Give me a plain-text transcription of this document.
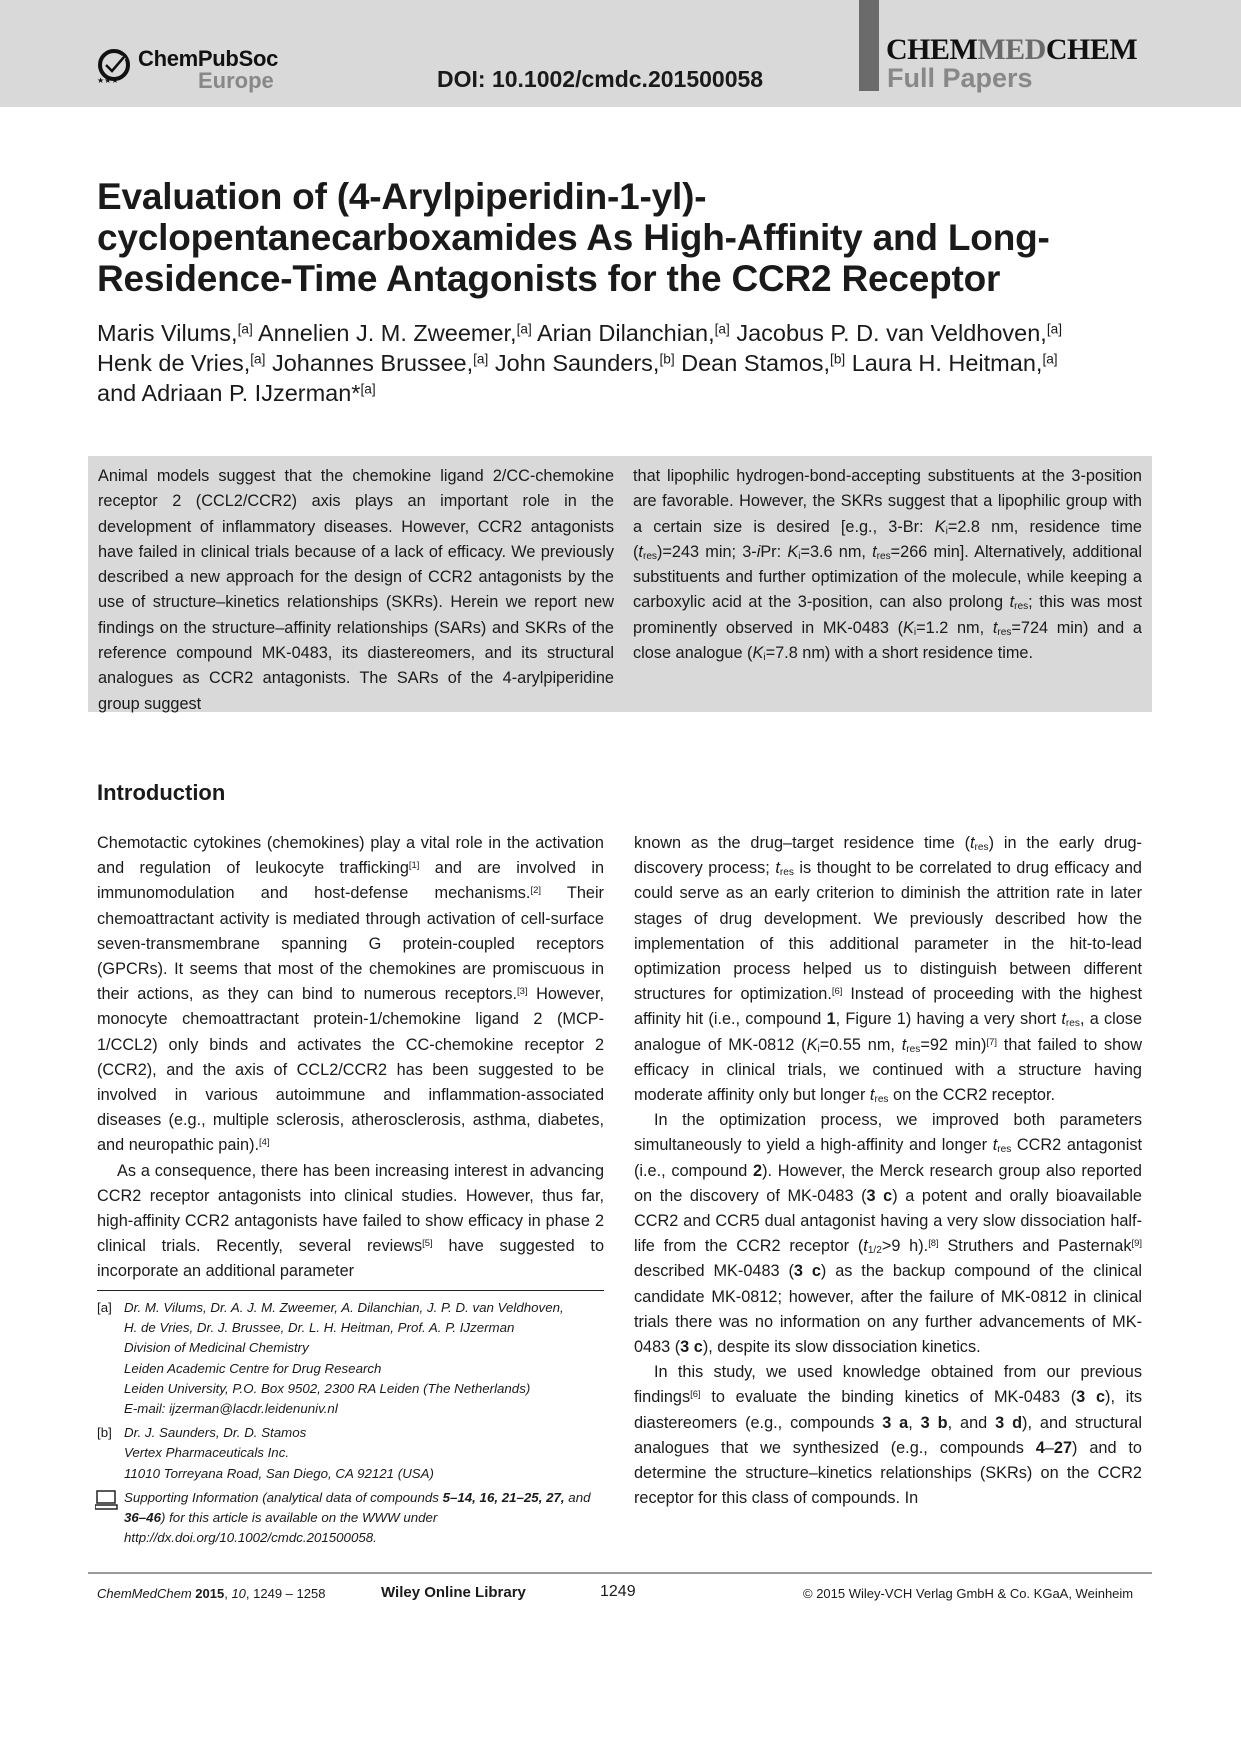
★★★
ChemPubSoc
Europe	DOI: 10.1002/cmdc.201500058
CHEMMEDCHEM
Full Papers
Evaluation of (4-Arylpiperidin-1-yl)-
cyclopentanecarboxamides As High-Affinity and Long-
Residence-Time Antagonists for the CCR2 Receptor
Maris Vilums,[a] Annelien J. M. Zweemer,[a] Arian Dilanchian,[a] Jacobus P. D. van Veldhoven,[a]
Henk de Vries,[a] Johannes Brussee,[a] John Saunders,[b] Dean Stamos,[b] Laura H. Heitman,[a]
and Adriaan P. IJzerman*[a]
Animal models suggest that the chemokine ligand 2/CC-chemokine receptor 2 (CCL2/CCR2) axis plays an important role in the development of inflammatory diseases. However, CCR2 antagonists have failed in clinical trials because of a lack of efficacy. We previously described a new approach for the design of CCR2 antagonists by the use of structure–kinetics relationships (SKRs). Herein we report new findings on the structure–affinity relationships (SARs) and SKRs of the reference compound MK-0483, its diastereomers, and its structural analogues as CCR2 antagonists. The SARs of the 4-arylpiperidine group suggest
that lipophilic hydrogen-bond-accepting substituents at the 3-position are favorable. However, the SKRs suggest that a lipophilic group with a certain size is desired [e.g., 3-Br: $K_i=2.8$ nm, residence time $(t_{res})=243$ min; 3-iPr: $K_i=3.6$ nm, $t_{res}=266$ min]. Alternatively, additional substituents and further optimization of the molecule, while keeping a carboxylic acid at the 3-position, can also prolong $t_{res}$; this was most prominently observed in MK-0483 ($K_i=1.2$ nm, $t_{res}=724$ min) and a close analogue ($K_i=7.8$ nm) with a short residence time.
Introduction

Chemotactic cytokines (chemokines) play a vital role in the activation and regulation of leukocyte trafficking[1] and are involved in immunomodulation and host-defense mechanisms.[2] Their chemoattractant activity is mediated through activation of cell-surface seven-transmembrane spanning G protein-coupled receptors (GPCRs). It seems that most of the chemokines are promiscuous in their actions, as they can bind to numerous receptors.[3] However, monocyte chemoattractant protein-1/chemokine ligand 2 (MCP-1/CCL2) only binds and activates the CC-chemokine receptor 2 (CCR2), and the axis of CCL2/CCR2 has been suggested to be involved in various autoimmune and inflammation-associated diseases (e.g., multiple sclerosis, atherosclerosis, asthma, diabetes, and neuropathic pain).[4]

As a consequence, there has been increasing interest in advancing CCR2 receptor antagonists into clinical studies. However, thus far, high-affinity CCR2 antagonists have failed to show efficacy in phase 2 clinical trials. Recently, several reviews[5] have suggested to incorporate an additional parameter

known as the drug–target residence time $(t_{res})$ in the early drug-discovery process; $t_{res}$ is thought to be correlated to drug efficacy and could serve as an early criterion to diminish the attrition rate in later stages of drug development. We previously described how the implementation of this additional parameter in the hit-to-lead optimization process helped us to distinguish between different structures for optimization.[6] Instead of proceeding with the highest affinity hit (i.e., compound 1, Figure 1) having a very short $t_{res}$, a close analogue of MK-0812 ($K_i=0.55$ nm, $t_{res}=92$ min)[7] that failed to show efficacy in clinical trials, we continued with a structure having moderate affinity only but longer $t_{res}$ on the CCR2 receptor.

In the optimization process, we improved both parameters simultaneously to yield a high-affinity and longer $t_{res}$ CCR2 antagonist (i.e., compound 2). However, the Merck research group also reported on the discovery of MK-0483 (3 c) a potent and orally bioavailable CCR2 and CCR5 dual antagonist having a very slow dissociation half-life from the CCR2 receptor ($t_{1/2}>9$ h).[8] Struthers and Pasternak[9] described MK-0483 (3 c) as the backup compound of the clinical candidate MK-0812; however, after the failure of MK-0812 in clinical trials there was no information on any further advancements of MK-0483 (3 c), despite its slow dissociation kinetics.

In this study, we used knowledge obtained from our previous findings[6] to evaluate the binding kinetics of MK-0483 (3 c), its diastereomers (e.g., compounds 3 a, 3 b, and 3 d), and structural analogues that we synthesized (e.g., compounds 4–27) and to determine the structure–kinetics relationships (SKRs) on the CCR2 receptor for this class of compounds. In

[a] Dr. M. Vilums, Dr. A. J. M. Zweemer, A. Dilanchian, J. P. D. van Veldhoven,
H. de Vries, Dr. J. Brussee, Dr. L. H. Heitman, Prof. A. P. IJzerman
Division of Medicinal Chemistry
Leiden Academic Centre for Drug Research
Leiden University, P.O. Box 9502, 2300 RA Leiden (The Netherlands)
E-mail: ijzerman@lacdr.leidenuniv.nl
[b] Dr. J. Saunders, Dr. D. Stamos
Vertex Pharmaceuticals Inc.
11010 Torreyana Road, San Diego, CA 92121 (USA)
Supporting Information (analytical data of compounds 5–14, 16, 21–25, 27, and 36–46) for this article is available on the WWW under http://dx.doi.org/10.1002/cmdc.201500058.
ChemMedChem 2015, 10, 1249 – 1258	Wiley Online Library	1249	© 2015 Wiley-VCH Verlag GmbH & Co. KGaA, Weinheim
